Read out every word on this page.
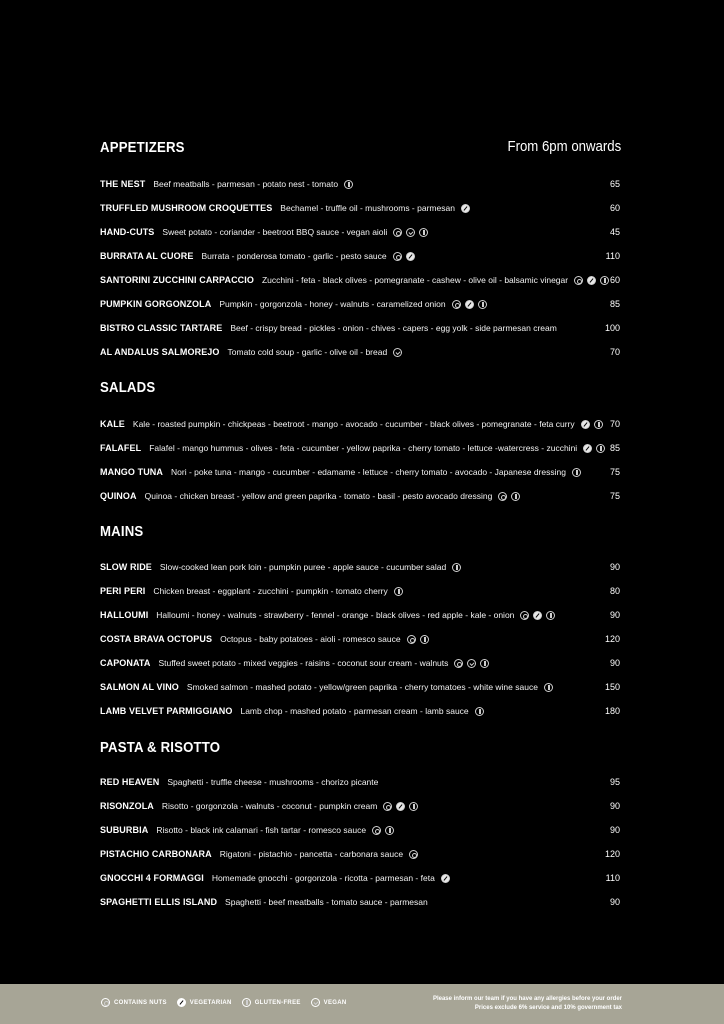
From 6pm onwards
APPETIZERS
THE NEST Beef meatballs - parmesan - potato nest - tomato	65
TRUFFLED MUSHROOM CROQUETTES Bechamel - truffle oil - mushrooms - parmesan	60
HAND-CUTS Sweet potato - coriander - beetroot BBQ sauce - vegan aioli	45
BURRATA AL CUORE Burrata - ponderosa tomato - garlic - pesto sauce	110
SANTORINI ZUCCHINI CARPACCIO Zucchini - feta - black olives - pomegranate - cashew - olive oil - balsamic vinegar	60
PUMPKIN GORGONZOLA Pumpkin - gorgonzola - honey - walnuts - caramelized onion	85
BISTRO CLASSIC TARTARE Beef - crispy bread - pickles - onion - chives - capers - egg yolk - side parmesan cream	100
AL ANDALUS SALMOREJO Tomato cold soup - garlic - olive oil - bread	70
SALADS
KALE Kale - roasted pumpkin - chickpeas - beetroot - mango - avocado - cucumber - black olives - pomegranate - feta curry	70
FALAFEL Falafel - mango hummus - olives - feta - cucumber - yellow paprika - cherry tomato - lettuce -watercress - zucchini	85
MANGO TUNA Nori - poke tuna - mango - cucumber - edamame - lettuce - cherry tomato - avocado - Japanese dressing	75
QUINOA Quinoa - chicken breast - yellow and green paprika - tomato - basil - pesto avocado dressing	75
MAINS
SLOW RIDE Slow-cooked lean pork loin - pumpkin puree - apple sauce - cucumber salad	90
PERI PERI Chicken breast - eggplant - zucchini - pumpkin - tomato cherry	80
HALLOUMI Halloumi - honey - walnuts - strawberry - fennel - orange - black olives - red apple - kale - onion	90
COSTA BRAVA OCTOPUS Octopus - baby potatoes - aioli - romesco sauce	120
CAPONATA Stuffed sweet potato - mixed veggies - raisins - coconut sour cream - walnuts	90
SALMON AL VINO Smoked salmon - mashed potato - yellow/green paprika - cherry tomatoes - white wine sauce	150
LAMB VELVET PARMIGGIANO Lamb chop - mashed potato - parmesan cream - lamb sauce	180
PASTA & RISOTTO
RED HEAVEN Spaghetti - truffle cheese - mushrooms - chorizo picante	95
RISONZOLA Risotto - gorgonzola - walnuts - coconut - pumpkin cream	90
SUBURBIA Risotto - black ink calamari - fish tartar - romesco sauce	90
PISTACHIO CARBONARA Rigatoni - pistachio - pancetta - carbonara sauce	120
GNOCCHI 4 FORMAGGI Homemade gnocchi - gorgonzola - ricotta - parmesan - feta	110
SPAGHETTI ELLIS ISLAND Spaghetti - beef meatballs - tomato sauce - parmesan	90
CONTAINS NUTS	VEGETARIAN	GLUTEN-FREE	VEGAN
Please inform our team if you have any allergies before your order
Prices exclude 6% service and 10% government tax
